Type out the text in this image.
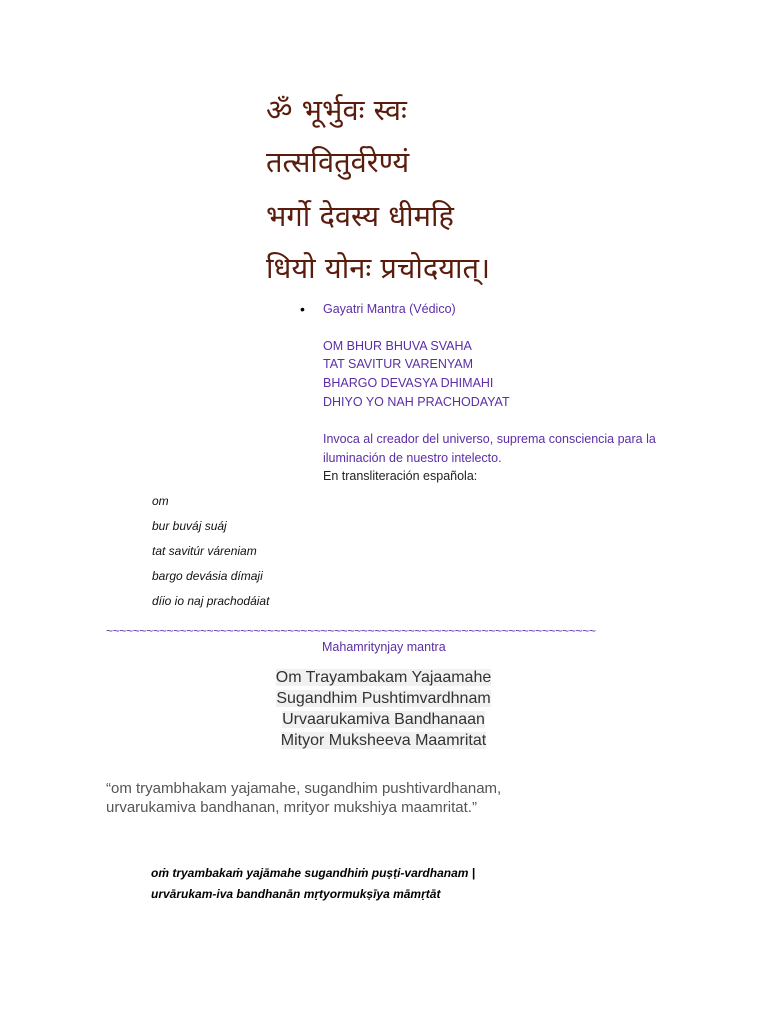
ॐ भूर्भुवः स्वः
तत्सवितुर्वरेण्यं
भर्गो देवस्य धीमहि
धियो योनः प्रचोदयात्।
• Gayatri Mantra (Védico)
OM BHUR BHUVA SVAHA
TAT SAVITUR VARENYAM
BHARGO DEVASYA DHIMAHI
DHIYO YO NAH PRACHODAYAT
Invoca al creador del universo, suprema consciencia para la
iluminación de nuestro intelecto.
En transliteración española:
om
bur buváj suáj
tat savitúr váreniam
bargo devásia dímaji
díio io naj prachodáiat
~~~~~~~~~~~~~~~~~~~~~~~~~~~~~~~~~~~~~~~~~~~~~~~~~~~~~~~~~~~~~~~~~~~~~~~~~
Mahamritynjay mantra
Om Trayambakam Yajaamahe
Sugandhim Pushtimvardhnam
Urvaarukamiva Bandhanaan
Mityor Muksheeva Maamritat
“om tryambhakam yajamahe, sugandhim pushtivardhanam,
urvarukamiva bandhanan, mrityor mukshiya maamritat.”
oṁ tryambakaṁ yajāmahe sugandhiṁ puṣṭi-vardhanam |
urvārukam-iva bandhanān mṛtyormukṣīya māmṛtāt
